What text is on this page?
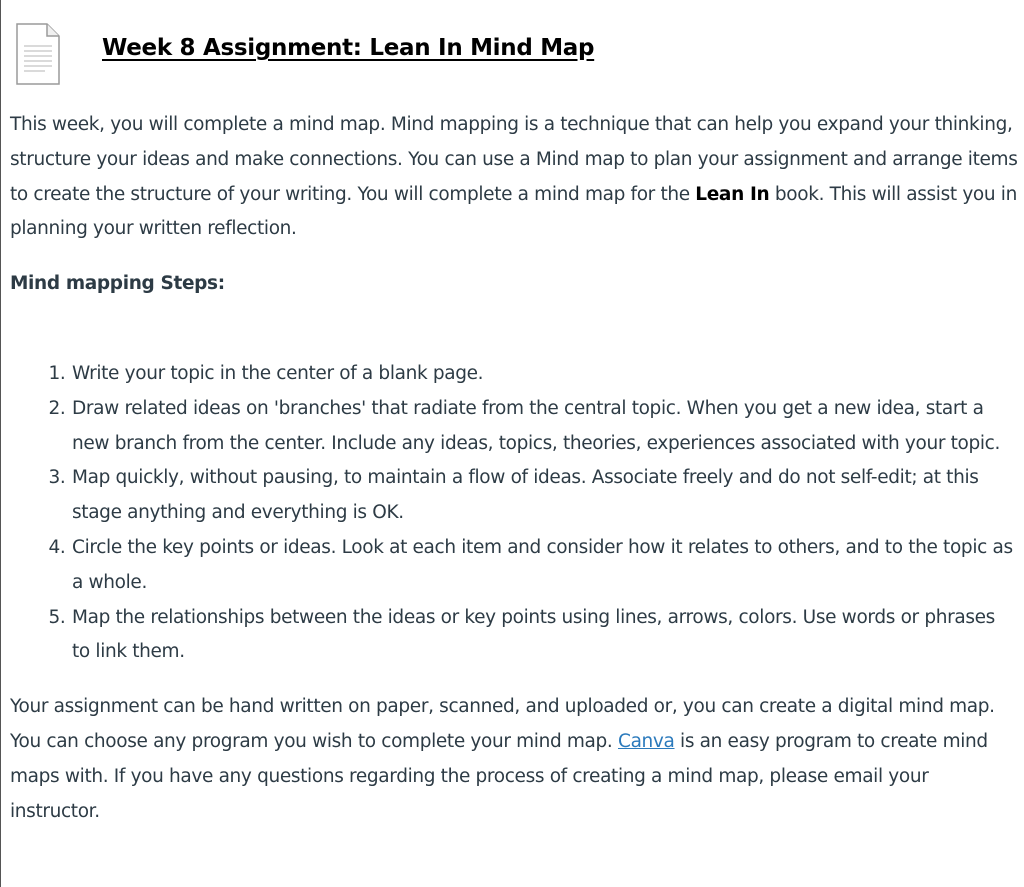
Week 8 Assignment: Lean In Mind Map

This week, you will complete a mind map. Mind mapping is a technique that can help you expand your thinking, structure your ideas and make connections. You can use a Mind map to plan your assignment and arrange items to create the structure of your writing. You will complete a mind map for the Lean In book. This will assist you in planning your written reflection.

Mind mapping Steps:

1. Write your topic in the center of a blank page.
2. Draw related ideas on 'branches' that radiate from the central topic. When you get a new idea, start a new branch from the center. Include any ideas, topics, theories, experiences associated with your topic.
3. Map quickly, without pausing, to maintain a flow of ideas. Associate freely and do not self-edit; at this stage anything and everything is OK.
4. Circle the key points or ideas. Look at each item and consider how it relates to others, and to the topic as a whole.
5. Map the relationships between the ideas or key points using lines, arrows, colors. Use words or phrases to link them.

Your assignment can be hand written on paper, scanned, and uploaded or, you can create a digital mind map. You can choose any program you wish to complete your mind map. Canva is an easy program to create mind maps with. If you have any questions regarding the process of creating a mind map, please email your instructor.
